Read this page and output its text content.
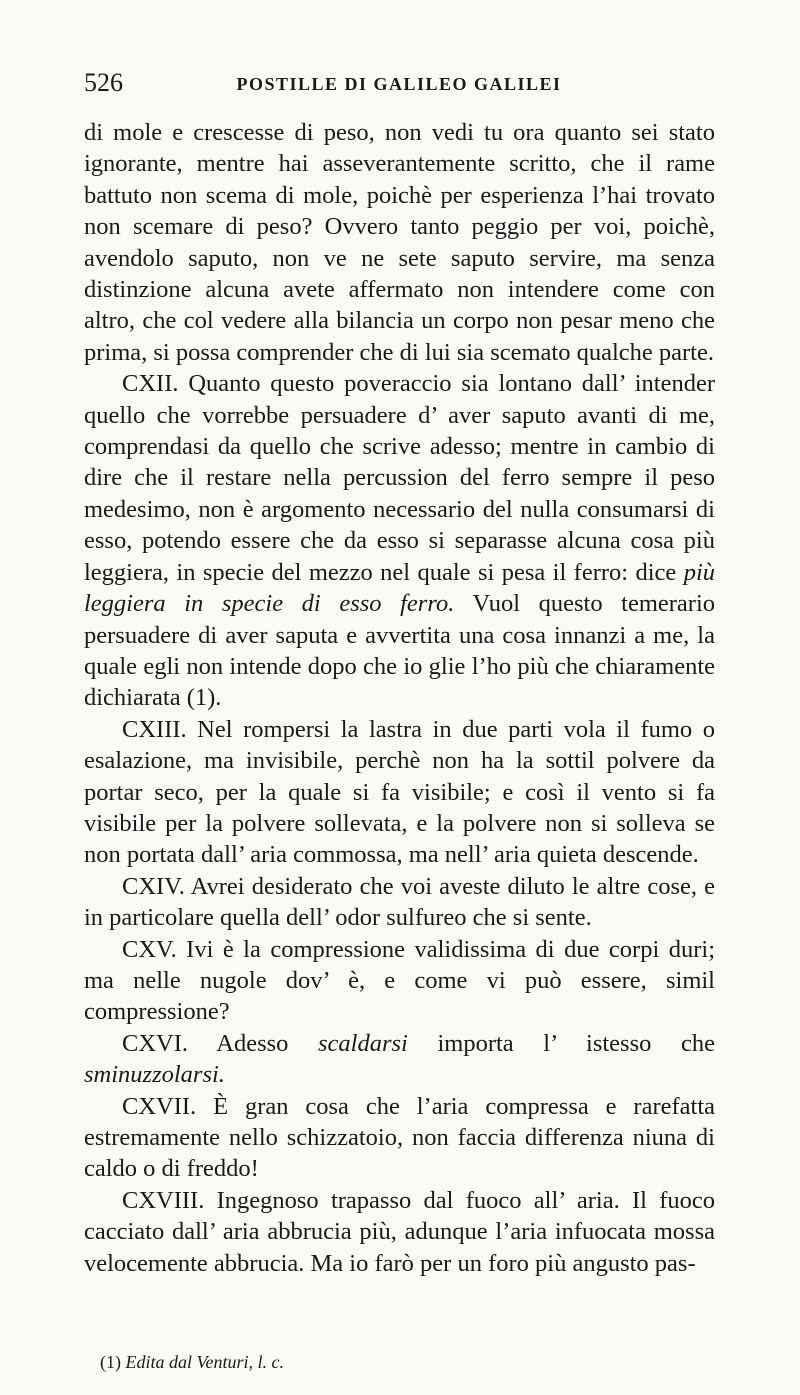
526	POSTILLE DI GALILEO GALILEI

di mole e crescesse di peso, non vedi tu ora quanto sei stato ignorante, mentre hai asseverantemente scritto, che il rame battuto non scema di mole, poichè per esperienza l’hai trovato non scemare di peso? Ovvero tanto peggio per voi, poichè, avendolo saputo, non ve ne sete saputo servire, ma senza distinzione alcuna avete affermato non intendere come con altro, che col vedere alla bilancia un corpo non pesar meno che prima, si possa comprender che di lui sia scemato qualche parte.

CXII. Quanto questo poveraccio sia lontano dall’ intender quello che vorrebbe persuadere d’ aver saputo avanti di me, comprendasi da quello che scrive adesso; mentre in cambio di dire che il restare nella percussion del ferro sempre il peso medesimo, non è argomento necessario del nulla consumarsi di esso, potendo essere che da esso si separasse alcuna cosa più leggiera, in specie del mezzo nel quale si pesa il ferro: dice più leggiera in specie di esso ferro. Vuol questo temerario persuadere di aver saputa e avvertita una cosa innanzi a me, la quale egli non intende dopo che io glie l’ho più che chiaramente dichiarata (1).

CXIII. Nel rompersi la lastra in due parti vola il fumo o esalazione, ma invisibile, perchè non ha la sottil polvere da portar seco, per la quale si fa visibile; e così il vento si fa visibile per la polvere sollevata, e la polvere non si solleva se non portata dall’ aria commossa, ma nell’ aria quieta descende.

CXIV. Avrei desiderato che voi aveste diluto le altre cose, e in particolare quella dell’ odor sulfureo che si sente.

CXV. Ivi è la compressione validissima di due corpi duri; ma nelle nugole dov’ è, e come vi può essere, simil compressione?

CXVI. Adesso scaldarsi importa l’ istesso che sminuzzolarsi.

CXVII. È gran cosa che l’aria compressa e rarefatta estremamente nello schizzatoio, non faccia differenza niuna di caldo o di freddo!

CXVIII. Ingegnoso trapasso dal fuoco all’ aria. Il fuoco cacciato dall’ aria abbrucia più, adunque l’aria infuocata mossa velocemente abbrucia. Ma io farò per un foro più angusto pas-

(1) Edita dal Venturi, l. c.
